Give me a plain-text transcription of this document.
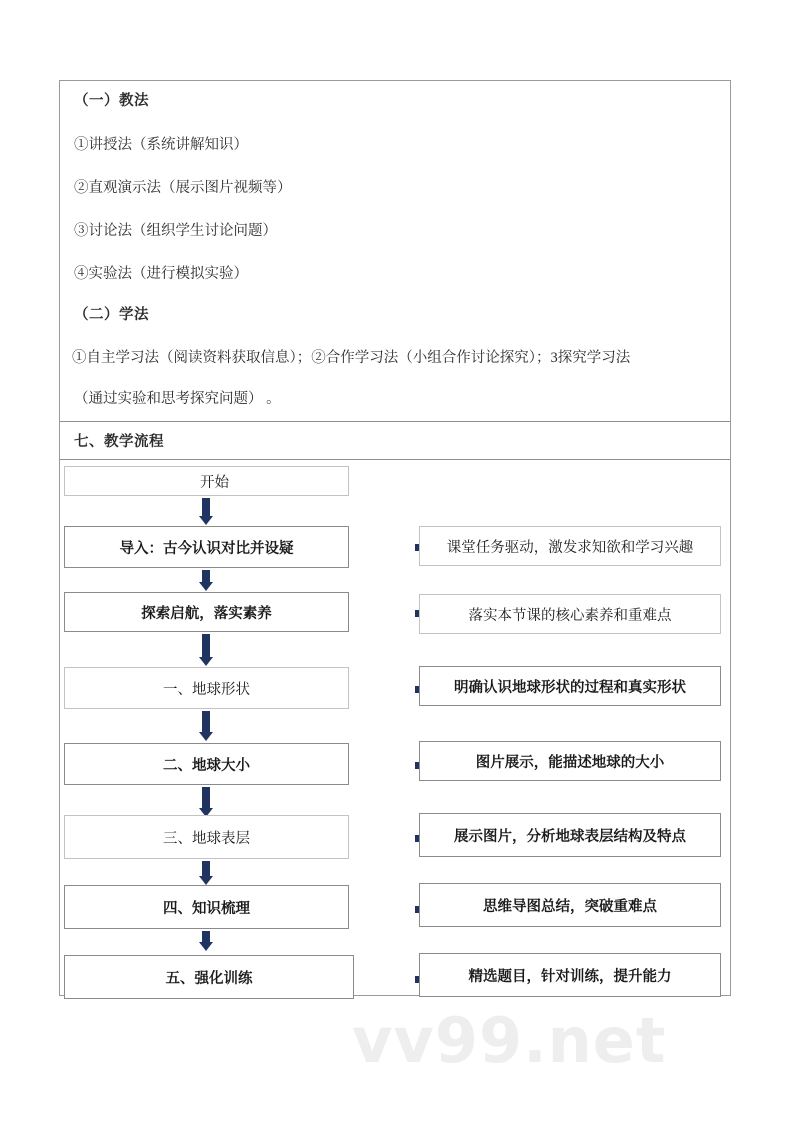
vv99.net
（一）教法
①讲授法（系统讲解知识）
②直观演示法（展示图片视频等）
③讨论法（组织学生讨论问题）
④实验法（进行模拟实验）
（二）学法
①自主学习法（阅读资料获取信息）；②合作学习法（小组合作讨论探究）；3探究学习法
（通过实验和思考探究问题） 。
七、教学流程
开始
导入：古今认识对比并设疑	课堂任务驱动，激发求知欲和学习兴趣
探索启航，落实素养	落实本节课的核心素养和重难点
一、地球形状	明确认识地球形状的过程和真实形状
二、地球大小	图片展示，能描述地球的大小
三、地球表层	展示图片，分析地球表层结构及特点
四、知识梳理	思维导图总结，突破重难点
五、强化训练	精选题目，针对训练，提升能力
